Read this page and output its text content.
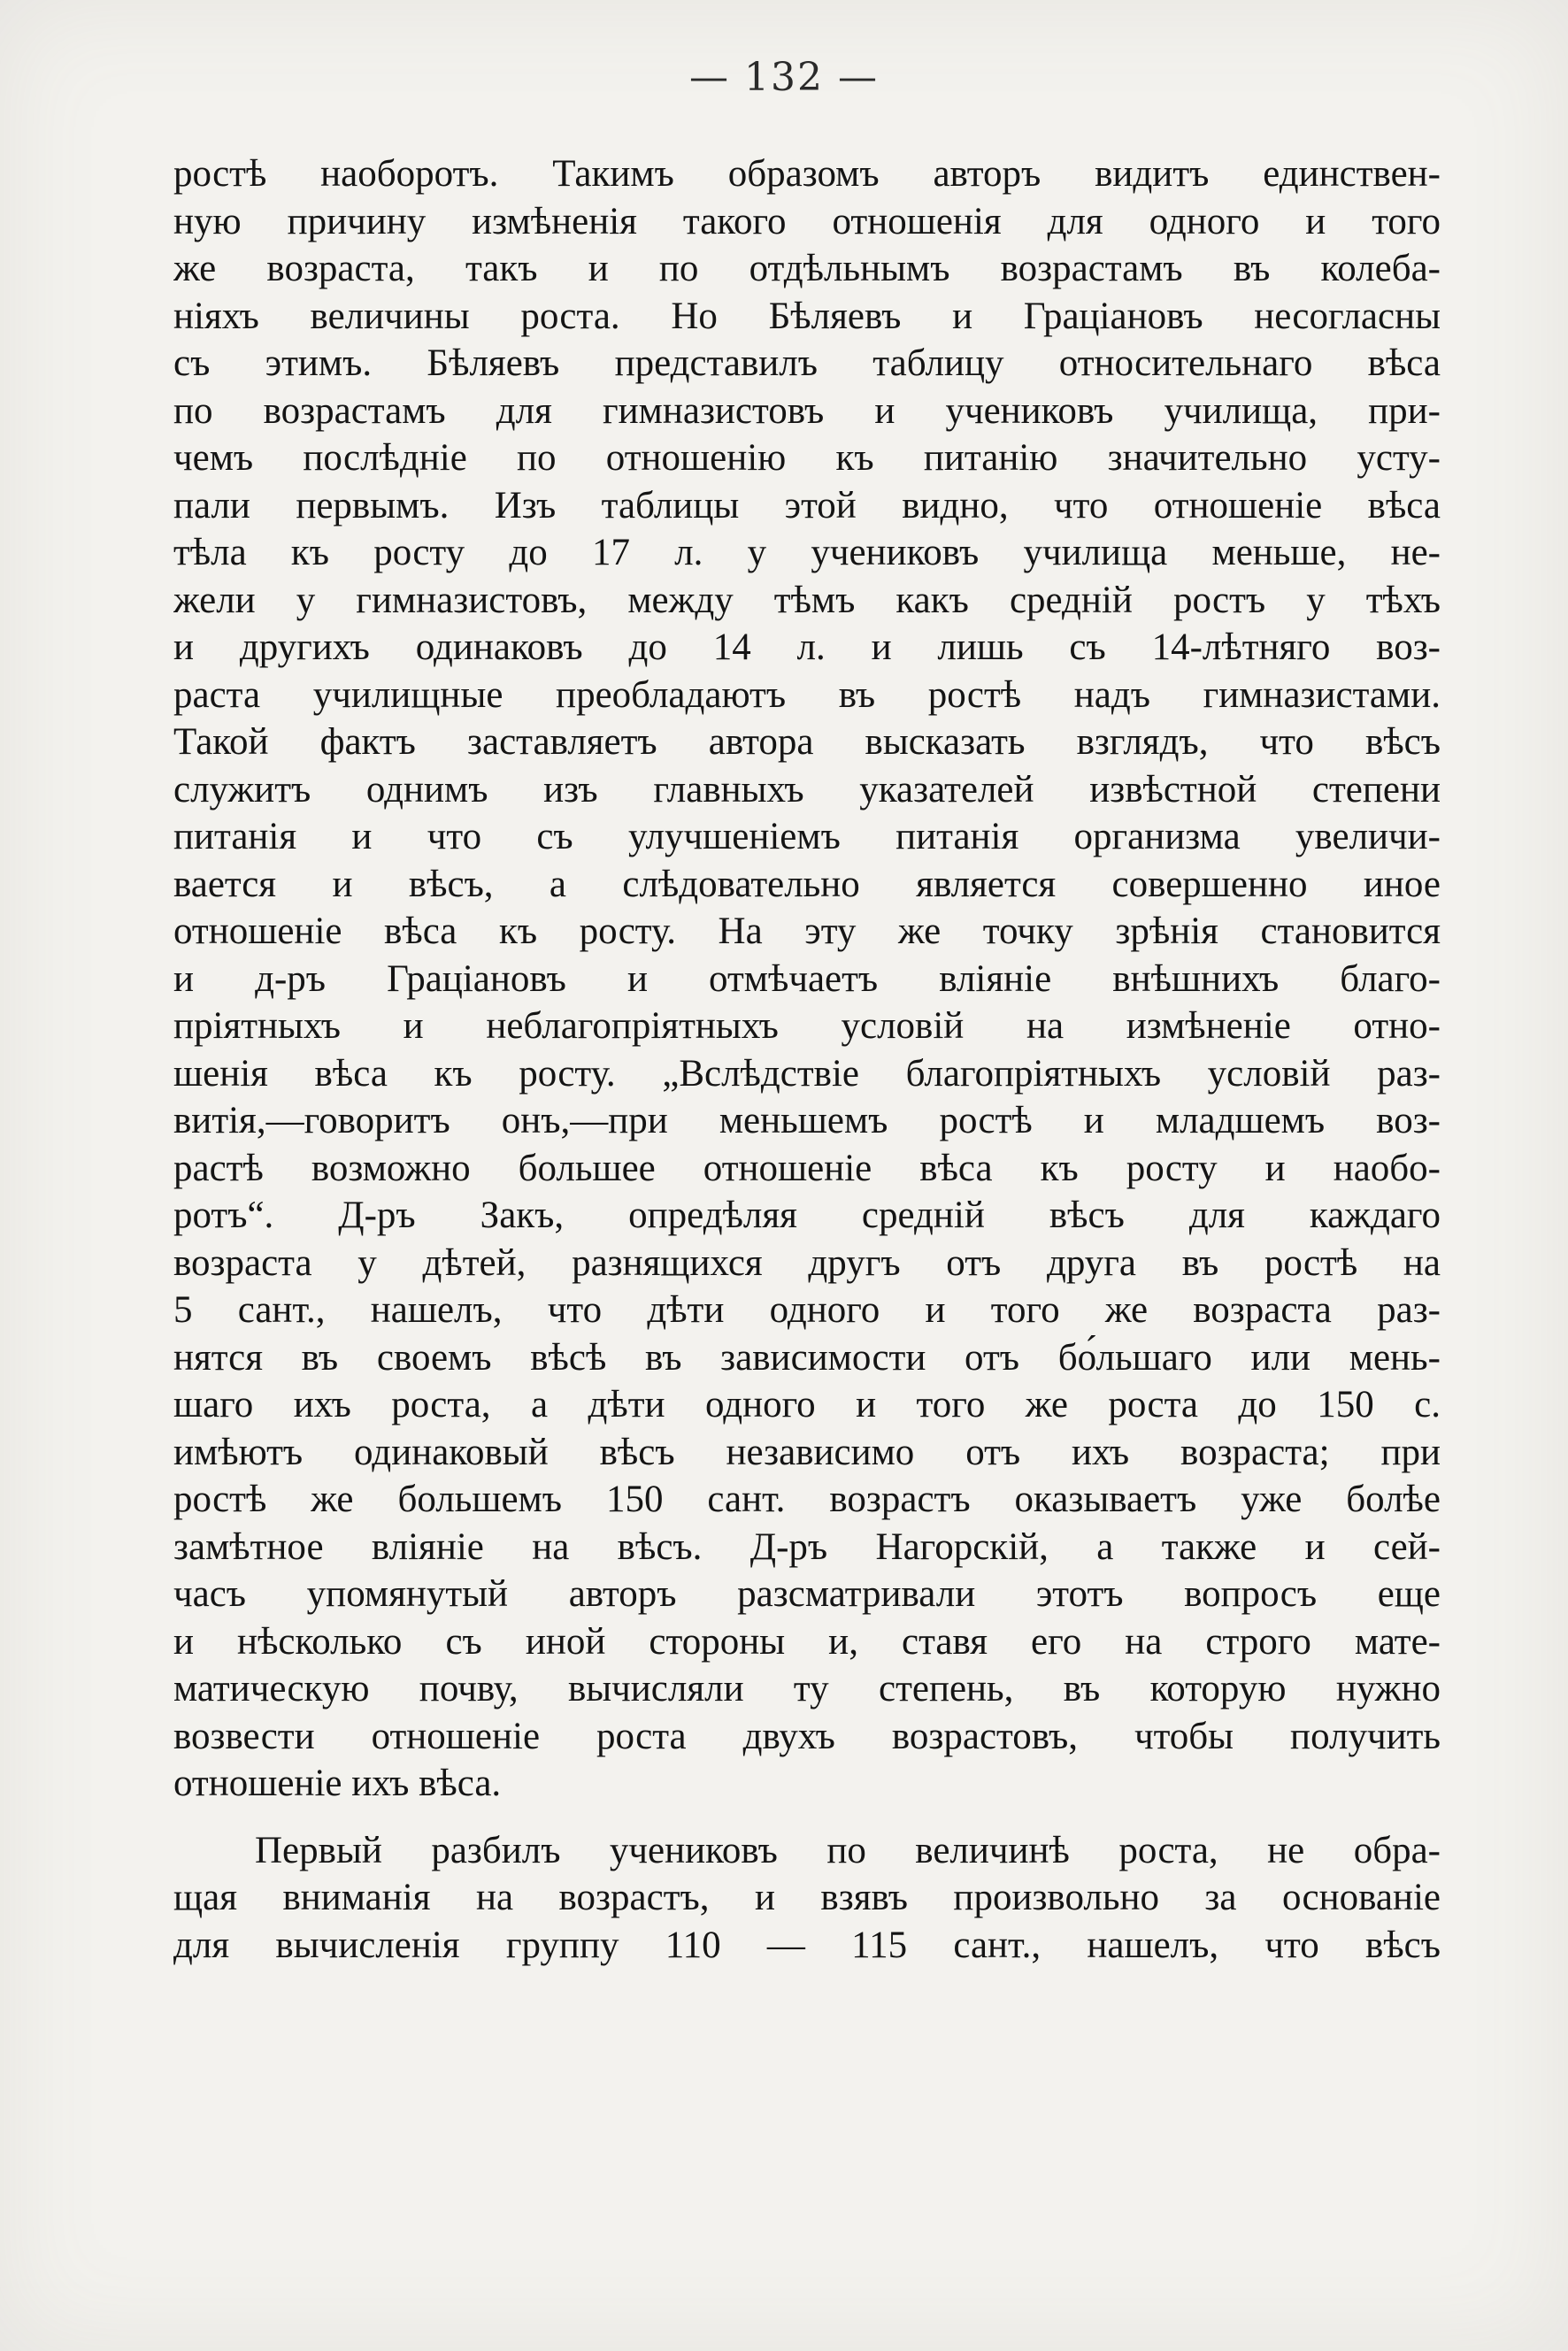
— 132 —
ростѣ наоборотъ. Такимъ образомъ авторъ видитъ единствен-
ную причину измѣненія такого отношенія для одного и того
же возраста, такъ и по отдѣльнымъ возрастамъ въ колеба-
ніяхъ величины роста. Но Бѣляевъ и Граціановъ несогласны
съ этимъ. Бѣляевъ представилъ таблицу относительнаго вѣса
по возрастамъ для гимназистовъ и учениковъ училища, при-
чемъ послѣдніе по отношенію къ питанію значительно усту-
пали первымъ. Изъ таблицы этой видно, что отношеніе вѣса
тѣла къ росту до 17 л. у учениковъ училища меньше, не-
жели у гимназистовъ, между тѣмъ какъ средній ростъ у тѣхъ
и другихъ одинаковъ до 14 л. и лишь съ 14-лѣтняго воз-
раста училищные преобладаютъ въ ростѣ надъ гимназистами.
Такой фактъ заставляетъ автора высказать взглядъ, что вѣсъ
служитъ однимъ изъ главныхъ указателей извѣстной степени
питанія и что съ улучшеніемъ питанія организма увеличи-
вается и вѣсъ, а слѣдовательно является совершенно иное
отношеніе вѣса къ росту. На эту же точку зрѣнія становится
и д-ръ Граціановъ и отмѣчаетъ вліяніе внѣшнихъ благо-
пріятныхъ и неблагопріятныхъ условій на измѣненіе отно-
шенія вѣса къ росту. „Вслѣдствіе благопріятныхъ условій раз-
витія,—говоритъ онъ,—при меньшемъ ростѣ и младшемъ воз-
растѣ возможно большее отношеніе вѣса къ росту и наобо-
ротъ“. Д-ръ Закъ, опредѣляя средній вѣсъ для каждаго
возраста у дѣтей, разнящихся другъ отъ друга въ ростѣ на
5 сант., нашелъ, что дѣти одного и того же возраста раз-
нятся въ своемъ вѣсѣ въ зависимости отъ бо́льшаго или мень-
шаго ихъ роста, а дѣти одного и того же роста до 150 с.
имѣютъ одинаковый вѣсъ независимо отъ ихъ возраста; при
ростѣ же большемъ 150 сант. возрастъ оказываетъ уже болѣе
замѣтное вліяніе на вѣсъ. Д-ръ Нагорскій, а также и сей-
часъ упомянутый авторъ разсматривали этотъ вопросъ еще
и нѣсколько съ иной стороны и, ставя его на строго мате-
матическую почву, вычисляли ту степень, въ которую нужно
возвести отношеніе роста двухъ возрастовъ, чтобы получить
отношеніе ихъ вѣса.
Первый разбилъ учениковъ по величинѣ роста, не обра-
щая вниманія на возрастъ, и взявъ произвольно за основаніе
для вычисленія группу 110 — 115 сант., нашелъ, что вѣсъ
